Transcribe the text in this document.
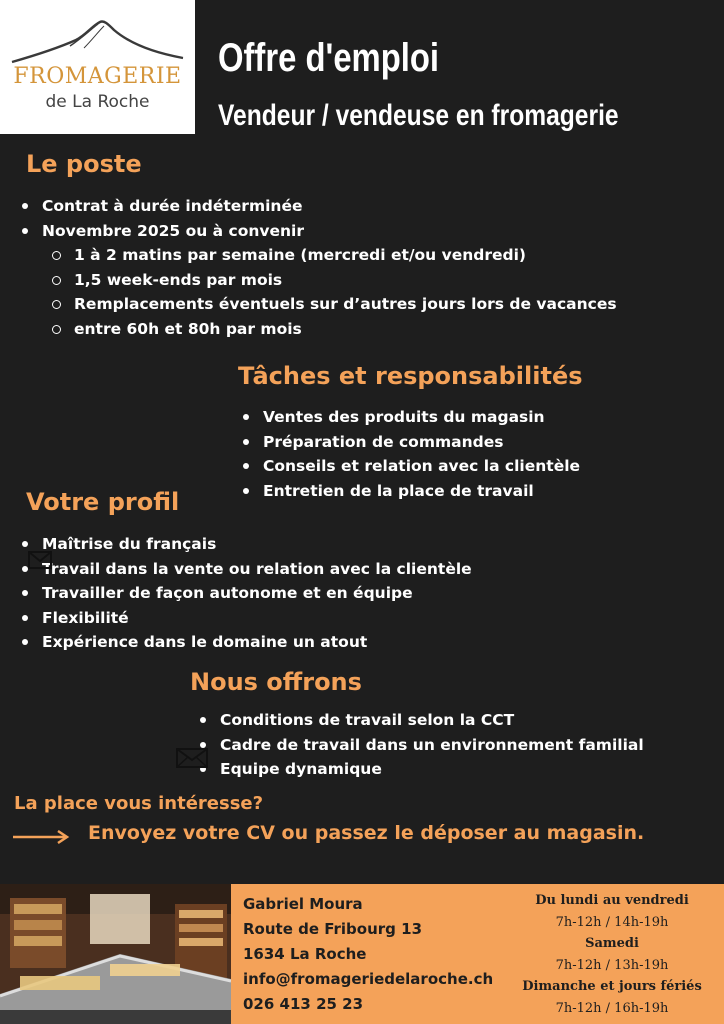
FROMAGERIE
de La Roche
Offre d'emploi
Vendeur / vendeuse en fromagerie
Le poste
Contrat à durée indéterminée
Novembre 2025 ou à convenir
1 à 2 matins par semaine (mercredi et/ou vendredi)
1,5 week-ends par mois
Remplacements éventuels sur d’autres jours lors de vacances
entre 60h et 80h par mois
Tâches et responsabilités
Ventes des produits du magasin
Préparation de commandes
Conseils et relation avec la clientèle
Entretien de la place de travail
Votre profil
Maîtrise du français
Travail dans la vente ou relation avec la clientèle
Travailler de façon autonome et en équipe
Flexibilité
Expérience dans le domaine un atout
Nous offrons
Conditions de travail selon la CCT
Cadre de travail dans un environnement familial
Equipe dynamique
La place vous intéresse?
Envoyez votre CV ou passez le déposer au magasin.
Gabriel Moura
Route de Fribourg 13
1634 La Roche
info@fromageriedelaroche.ch
026 413 25 23
Du lundi au vendredi
7h-12h / 14h-19h
Samedi
7h-12h / 13h-19h
Dimanche et jours fériés
7h-12h / 16h-19h
